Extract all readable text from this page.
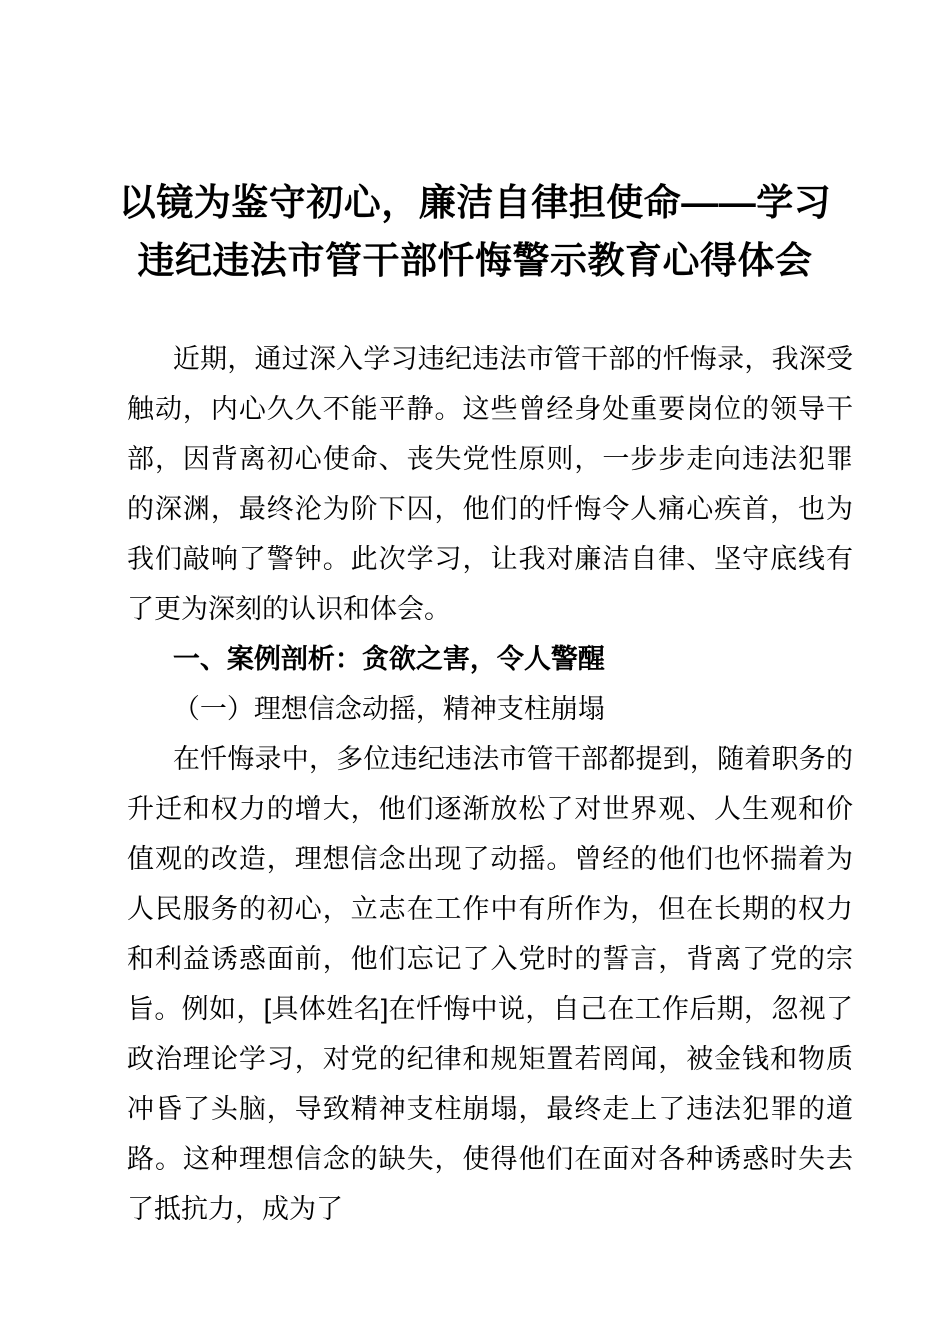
以镜为鉴守初心，廉洁自律担使命——学习违纪违法市管干部忏悔警示教育心得体会

近期，通过深入学习违纪违法市管干部的忏悔录，我深受触动，内心久久不能平静。这些曾经身处重要岗位的领导干部，因背离初心使命、丧失党性原则，一步步走向违法犯罪的深渊，最终沦为阶下囚，他们的忏悔令人痛心疾首，也为我们敲响了警钟。此次学习，让我对廉洁自律、坚守底线有了更为深刻的认识和体会。

一、案例剖析：贪欲之害，令人警醒

（一）理想信念动摇，精神支柱崩塌

在忏悔录中，多位违纪违法市管干部都提到，随着职务的升迁和权力的增大，他们逐渐放松了对世界观、人生观和价值观的改造，理想信念出现了动摇。曾经的他们也怀揣着为人民服务的初心，立志在工作中有所作为，但在长期的权力和利益诱惑面前，他们忘记了入党时的誓言，背离了党的宗旨。例如，[具体姓名]在忏悔中说，自己在工作后期，忽视了政治理论学习，对党的纪律和规矩置若罔闻，被金钱和物质冲昏了头脑，导致精神支柱崩塌，最终走上了违法犯罪的道路。这种理想信念的缺失，使得他们在面对各种诱惑时失去了抵抗力，成为了
